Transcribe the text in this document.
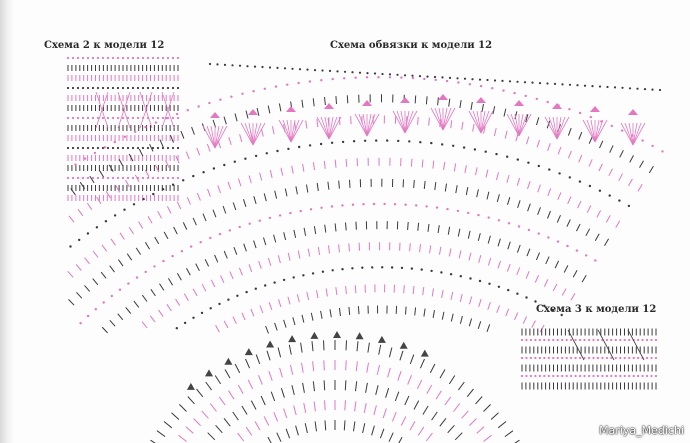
Схема 2 к модели 12	Схема обвязки к модели 12
Схема 3 к модели 12
Mariya_Medichi
